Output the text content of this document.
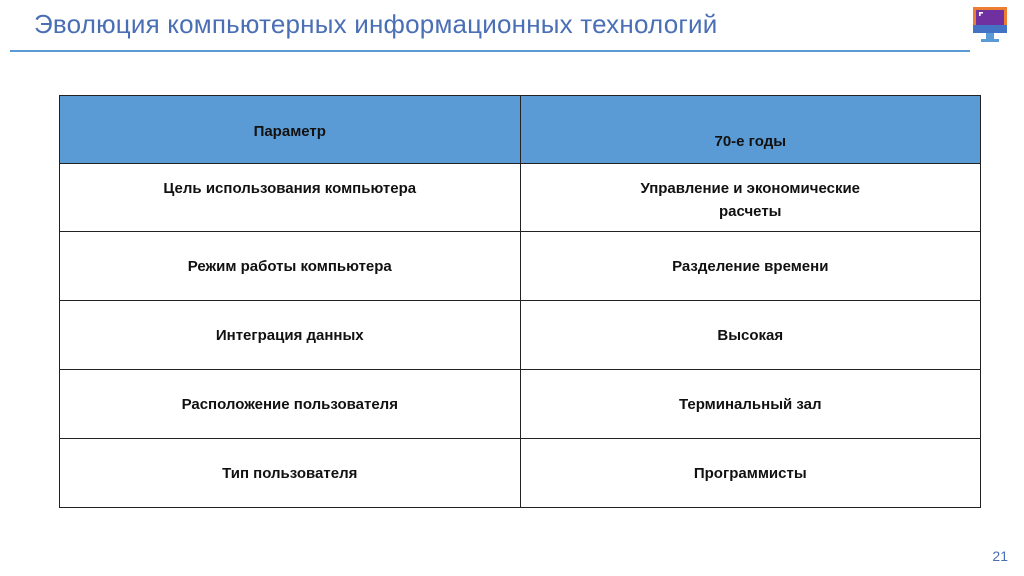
Эволюция компьютерных информационных технологий
Параметр	70-е годы
Цель использования компьютера	Управление и экономические расчеты
Режим работы компьютера	Разделение времени
Интеграция данных	Высокая
Расположение пользователя	Терминальный зал
Тип пользователя	Программисты
21
